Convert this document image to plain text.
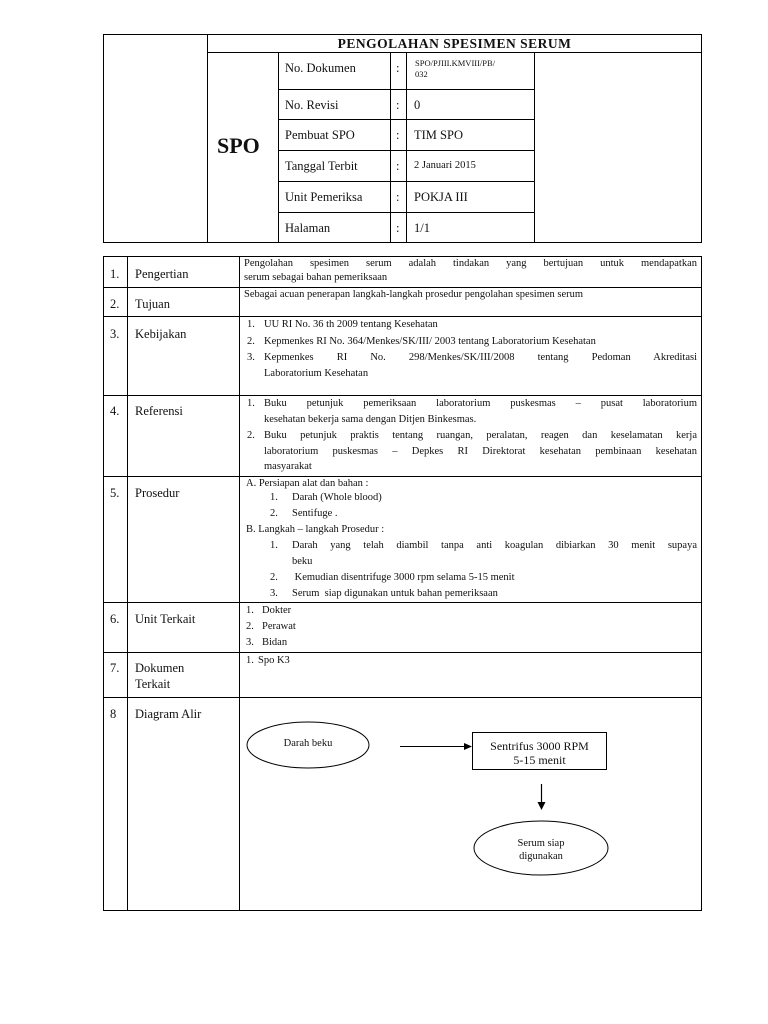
PENGOLAHAN SPESIMEN SERUM
SPO
No. Dokumen	: SPO/PJIII.KMVIII/PB/
032
No. Revisi	: 0
Pembuat SPO	: TIM SPO
Tanggal Terbit	: 2 Januari 2015
Unit Pemeriksa	: POKJA III
Halaman	: 1/1
1. Pengertian
Pengolahan spesimen serum adalah tindakan yang bertujuan untuk mendapatkan
serum sebagai bahan pemeriksaan
2. Tujuan
Sebagai acuan penerapan langkah-langkah prosedur pengolahan spesimen serum
3. Kebijakan
1. UU RI No. 36 th 2009 tentang Kesehatan
2. Kepmenkes RI No. 364/Menkes/SK/III/ 2003 tentang Laboratorium Kesehatan
3. Kepmenkes RI No. 298/Menkes/SK/III/2008 tentang Pedoman Akreditasi
Laboratorium Kesehatan
4. Referensi
1. Buku petunjuk pemeriksaan laboratorium puskesmas – pusat laboratorium
kesehatan bekerja sama dengan Ditjen Binkesmas.
2. Buku petunjuk praktis tentang ruangan, peralatan, reagen dan keselamatan kerja
laboratorium puskesmas – Depkes RI Direktorat kesehatan pembinaan kesehatan
masyarakat
5. Prosedur
A. Persiapan alat dan bahan :
1. Darah (Whole blood)
2. Sentifuge .
B. Langkah – langkah Prosedur :
1. Darah yang telah diambil tanpa anti koagulan dibiarkan 30 menit supaya
beku
2. Kemudian disentrifuge 3000 rpm selama 5-15 menit
3. Serum  siap digunakan untuk bahan pemeriksaan
6. Unit Terkait
1. Dokter
2. Perawat
3. Bidan
7. Dokumen
Terkait
1. Spo K3
8 Diagram Alir
Darah beku	Sentrifus 3000 RPM
5-15 menit
Serum siap
digunakan
